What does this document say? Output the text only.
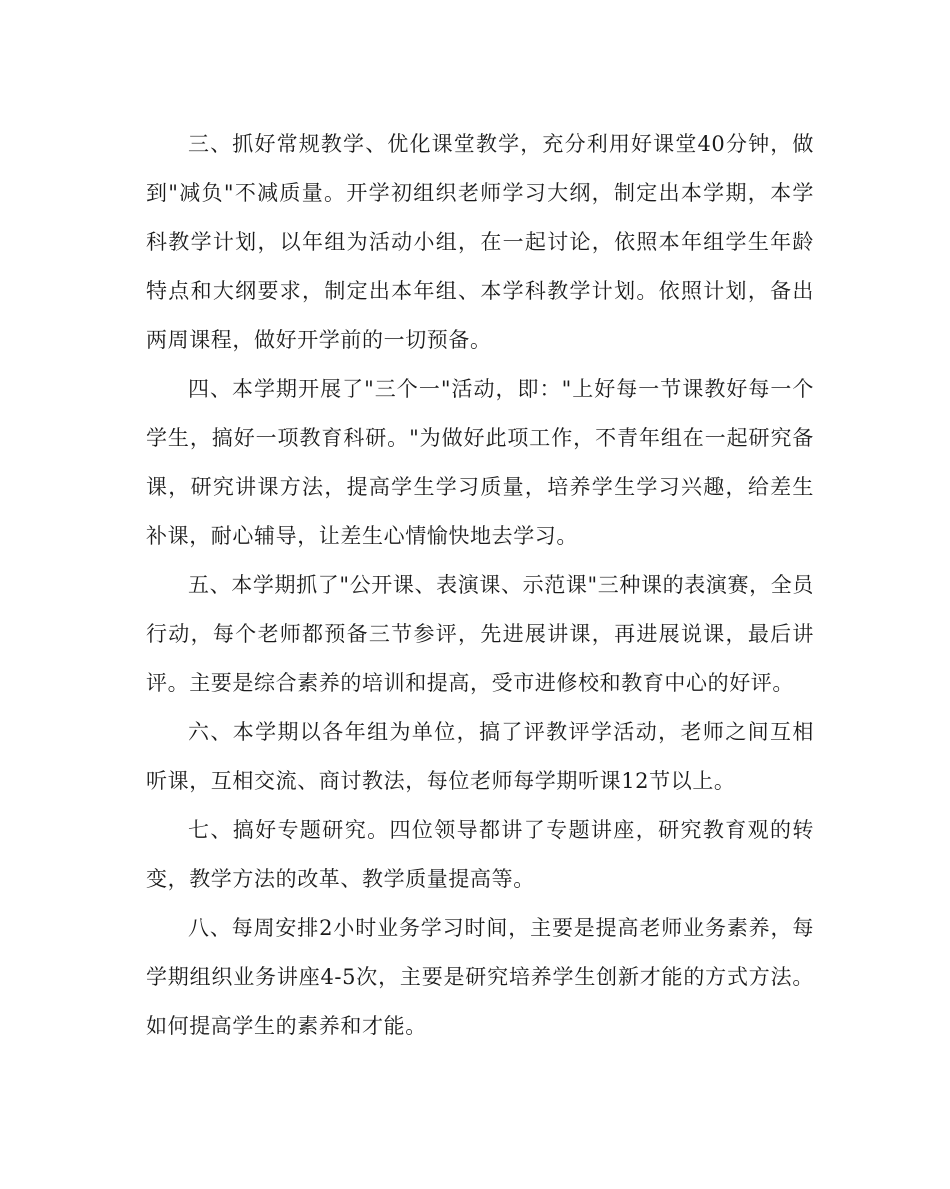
三、抓好常规教学、优化课堂教学，充分利用好课堂40分钟，做到"减负"不减质量。开学初组织老师学习大纲，制定出本学期，本学科教学计划，以年组为活动小组，在一起讨论，依照本年组学生年龄特点和大纲要求，制定出本年组、本学科教学计划。依照计划，备出两周课程，做好开学前的一切预备。

四、本学期开展了"三个一"活动，即："上好每一节课教好每一个学生，搞好一项教育科研。"为做好此项工作，不青年组在一起研究备课，研究讲课方法，提高学生学习质量，培养学生学习兴趣，给差生补课，耐心辅导，让差生心情愉快地去学习。

五、本学期抓了"公开课、表演课、示范课"三种课的表演赛，全员行动，每个老师都预备三节参评，先进展讲课，再进展说课，最后讲评。主要是综合素养的培训和提高，受市进修校和教育中心的好评。

六、本学期以各年组为单位，搞了评教评学活动，老师之间互相听课，互相交流、商讨教法，每位老师每学期听课12节以上。

七、搞好专题研究。四位领导都讲了专题讲座，研究教育观的转变，教学方法的改革、教学质量提高等。

八、每周安排2小时业务学习时间，主要是提高老师业务素养，每学期组织业务讲座4-5次，主要是研究培养学生创新才能的方式方法。如何提高学生的素养和才能。
